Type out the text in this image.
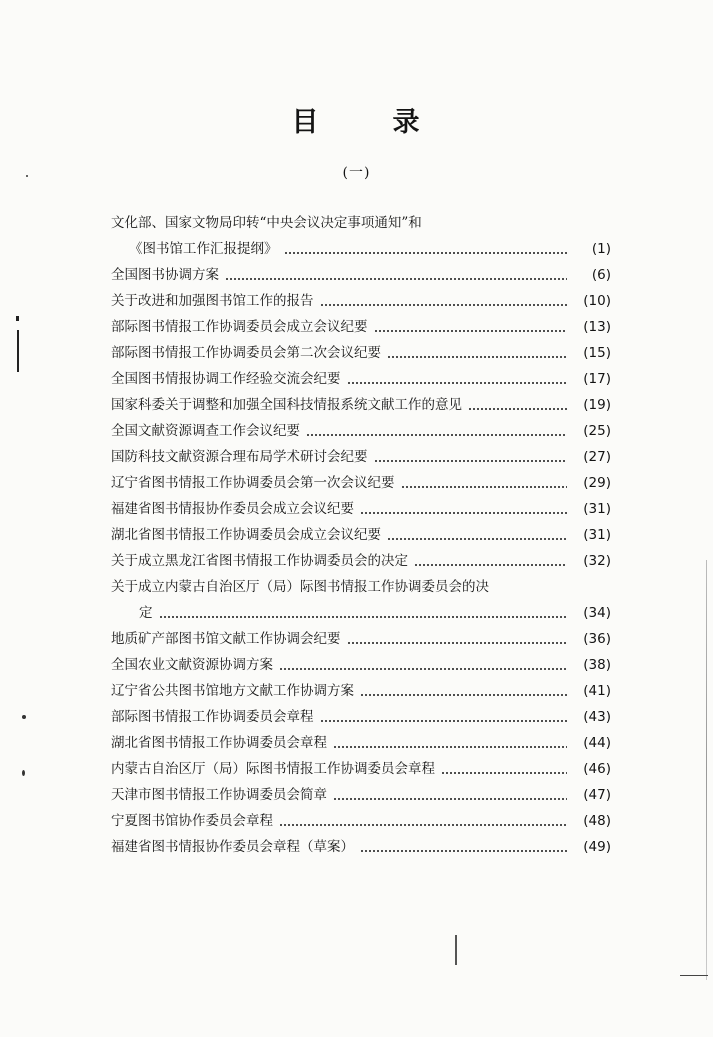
目	录
(一)
文化部、国家文物局印转“中央会议决定事项通知”和
《图书馆工作汇报提纲》	(1)
全国图书协调方案	(6)
关于改进和加强图书馆工作的报告	(10)
部际图书情报工作协调委员会成立会议纪要	(13)
部际图书情报工作协调委员会第二次会议纪要	(15)
全国图书情报协调工作经验交流会纪要	(17)
国家科委关于调整和加强全国科技情报系统文献工作的意见	(19)
全国文献资源调查工作会议纪要	(25)
国防科技文献资源合理布局学术研讨会纪要	(27)
辽宁省图书情报工作协调委员会第一次会议纪要	(29)
福建省图书情报协作委员会成立会议纪要	(31)
湖北省图书情报工作协调委员会成立会议纪要	(31)
关于成立黑龙江省图书情报工作协调委员会的决定	(32)
关于成立内蒙古自治区厅（局）际图书情报工作协调委员会的决
定	(34)
地质矿产部图书馆文献工作协调会纪要	(36)
全国农业文献资源协调方案	(38)
辽宁省公共图书馆地方文献工作协调方案	(41)
部际图书情报工作协调委员会章程	(43)
湖北省图书情报工作协调委员会章程	(44)
内蒙古自治区厅（局）际图书情报工作协调委员会章程	(46)
天津市图书情报工作协调委员会简章	(47)
宁夏图书馆协作委员会章程	(48)
福建省图书情报协作委员会章程（草案）	(49)
